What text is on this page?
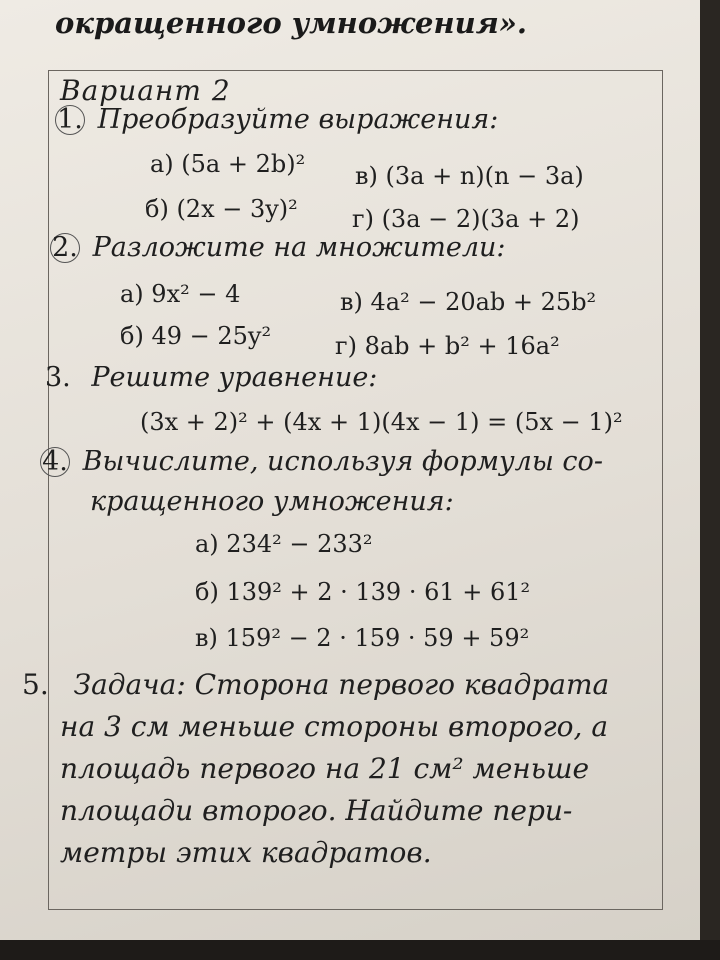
окращенного умножения».
Вариант 2
1. Преобразуйте выражения:
а) (5a + 2b)² в) (3a + n)(n − 3a)
б) (2x − 3y)² г) (3a − 2)(3a + 2)
2. Разложите на множители:
а) 9x² − 4	в) 4a² − 20ab + 25b²
б) 49 − 25y²	г) 8ab + b² + 16a²
3. Решите уравнение:
(3x + 2)² + (4x + 1)(4x − 1) = (5x − 1)²
4. Вычислите, используя формулы со-
кращенного умножения:
а) 234² − 233²
б) 139² + 2 · 139 · 61 + 61²
в) 159² − 2 · 159 · 59 + 59²
5. Задача: Сторона первого квадрата
на 3 см меньше стороны второго, а
площадь первого на 21 см² меньше
площади второго. Найдите пери-
метры этих квадратов.
